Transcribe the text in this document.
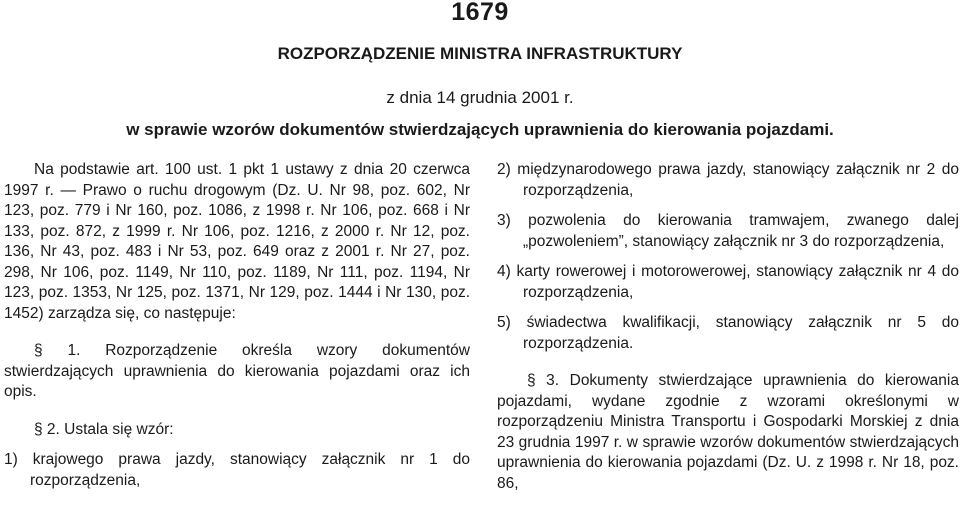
1679
ROZPORZĄDZENIE MINISTRA INFRASTRUKTURY
z dnia 14 grudnia 2001 r.
w sprawie wzorów dokumentów stwierdzających uprawnienia do kierowania pojazdami.

Na podstawie art. 100 ust. 1 pkt 1 ustawy z dnia 20 czerwca 1997 r. — Prawo o ruchu drogowym (Dz. U. Nr 98, poz. 602, Nr 123, poz. 779 i Nr 160, poz. 1086, z 1998 r. Nr 106, poz. 668 i Nr 133, poz. 872, z 1999 r. Nr 106, poz. 1216, z 2000 r. Nr 12, poz. 136, Nr 43, poz. 483 i Nr 53, poz. 649 oraz z 2001 r. Nr 27, poz. 298, Nr 106, poz. 1149, Nr 110, poz. 1189, Nr 111, poz. 1194, Nr 123, poz. 1353, Nr 125, poz. 1371, Nr 129, poz. 1444 i Nr 130, poz. 1452) zarządza się, co następuje:

§ 1. Rozporządzenie określa wzory dokumentów stwierdzających uprawnienia do kierowania pojazdami oraz ich opis.

§ 2. Ustala się wzór:

1) krajowego prawa jazdy, stanowiący załącznik nr 1 do rozporządzenia,

2) międzynarodowego prawa jazdy, stanowiący załącznik nr 2 do rozporządzenia,

3) pozwolenia do kierowania tramwajem, zwanego dalej „pozwoleniem”, stanowiący załącznik nr 3 do rozporządzenia,

4) karty rowerowej i motorowerowej, stanowiący załącznik nr 4 do rozporządzenia,

5) świadectwa kwalifikacji, stanowiący załącznik nr 5 do rozporządzenia.

§ 3. Dokumenty stwierdzające uprawnienia do kierowania pojazdami, wydane zgodnie z wzorami określonymi w rozporządzeniu Ministra Transportu i Gospodarki Morskiej z dnia 23 grudnia 1997 r. w sprawie wzorów dokumentów stwierdzających uprawnienia do kierowania pojazdami (Dz. U. z 1998 r. Nr 18, poz. 86,
